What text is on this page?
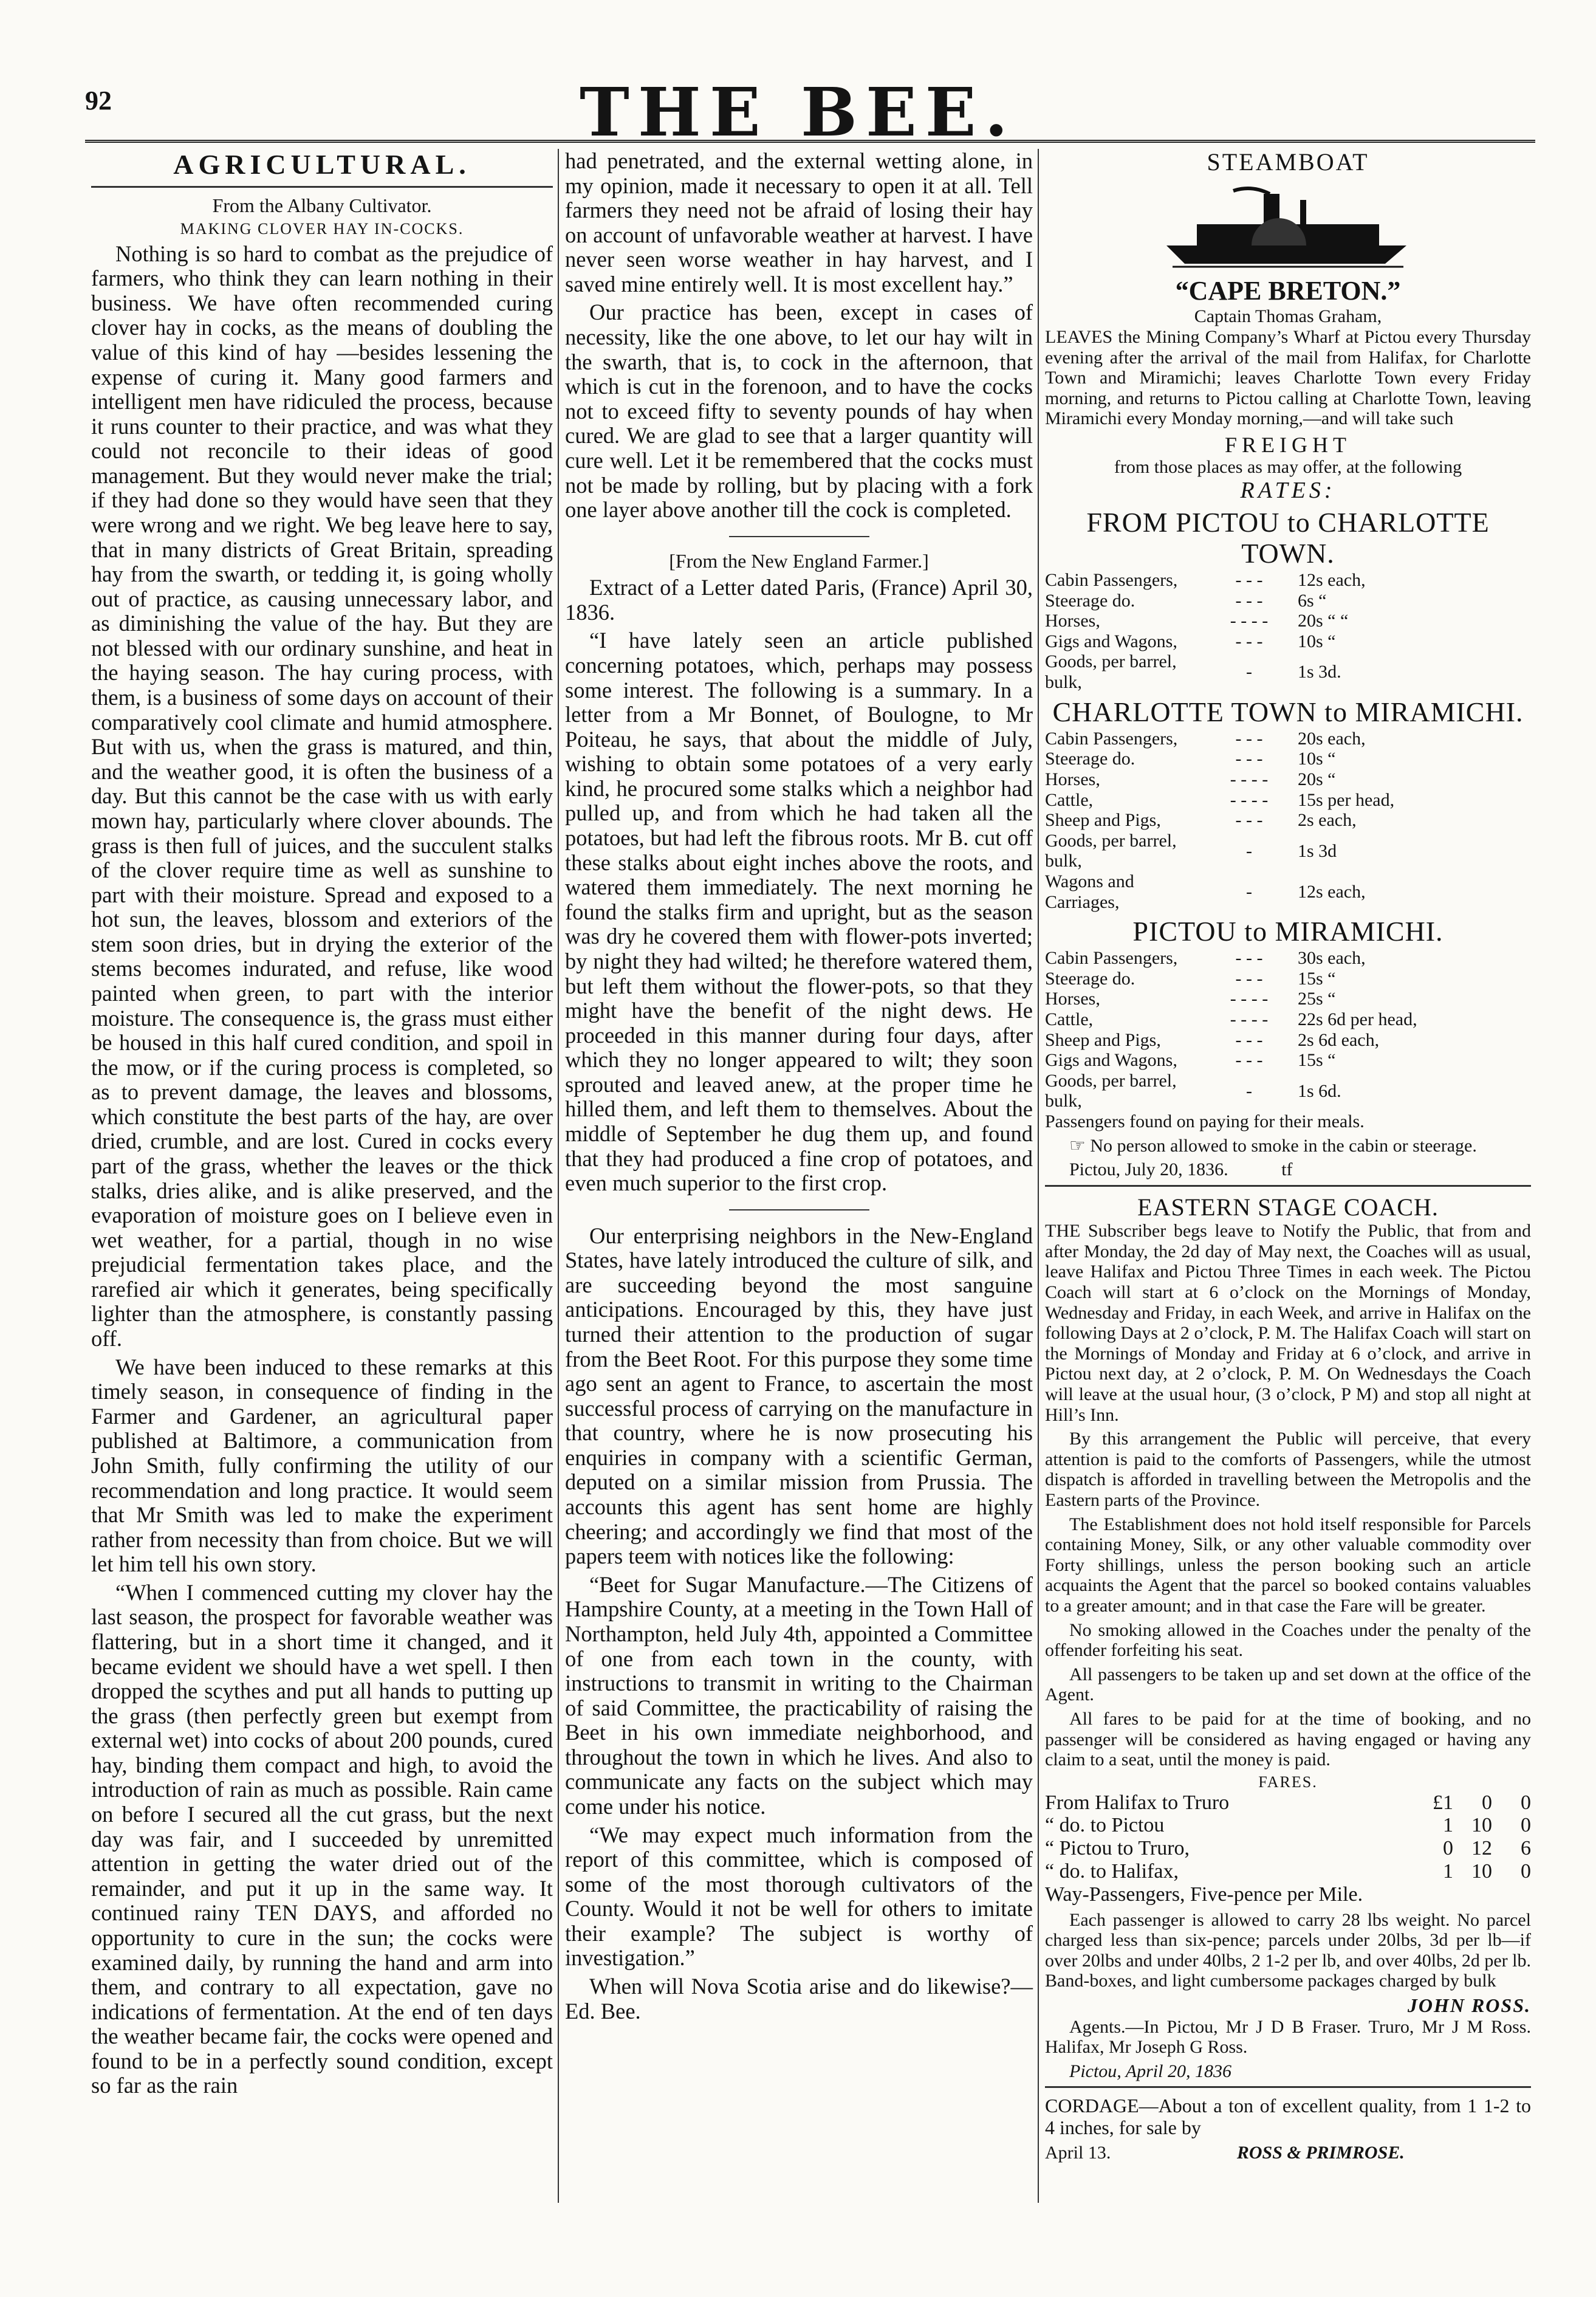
92	THE BEE.
AGRICULTURAL.

From the Albany Cultivator.

MAKING CLOVER HAY IN-COCKS.

Nothing is so hard to combat as the prejudice of farmers, who think they can learn nothing in their business. We have often recommended curing clover hay in cocks, as the means of doubling the value of this kind of hay —besides lessening the expense of curing it. Many good farmers and intelligent men have ridiculed the process, because it runs counter to their practice, and was what they could not reconcile to their ideas of good management. But they would never make the trial; if they had done so they would have seen that they were wrong and we right. We beg leave here to say, that in many districts of Great Britain, spreading hay from the swarth, or tedding it, is going wholly out of practice, as causing unnecessary labor, and as diminishing the value of the hay. But they are not blessed with our ordinary sunshine, and heat in the haying season. The hay curing process, with them, is a business of some days on account of their comparatively cool climate and humid atmosphere. But with us, when the grass is matured, and thin, and the weather good, it is often the business of a day. But this cannot be the case with us with early mown hay, particularly where clover abounds. The grass is then full of juices, and the succulent stalks of the clover require time as well as sunshine to part with their moisture. Spread and exposed to a hot sun, the leaves, blossom and exteriors of the stem soon dries, but in drying the exterior of the stems becomes indurated, and refuse, like wood painted when green, to part with the interior moisture. The consequence is, the grass must either be housed in this half cured condition, and spoil in the mow, or if the curing process is completed, so as to prevent damage, the leaves and blossoms, which constitute the best parts of the hay, are over dried, crumble, and are lost. Cured in cocks every part of the grass, whether the leaves or the thick stalks, dries alike, and is alike preserved, and the evaporation of moisture goes on I believe even in wet weather, for a partial, though in no wise prejudicial fermentation takes place, and the rarefied air which it generates, being specifically lighter than the atmosphere, is constantly passing off.

We have been induced to these remarks at this timely season, in consequence of finding in the Farmer and Gardener, an agricultural paper published at Baltimore, a communication from John Smith, fully confirming the utility of our recommendation and long practice. It would seem that Mr Smith was led to make the experiment rather from necessity than from choice. But we will let him tell his own story.

“When I commenced cutting my clover hay the last season, the prospect for favorable weather was flattering, but in a short time it changed, and it became evident we should have a wet spell. I then dropped the scythes and put all hands to putting up the grass (then perfectly green but exempt from external wet) into cocks of about 200 pounds, cured hay, binding them compact and high, to avoid the introduction of rain as much as possible. Rain came on before I secured all the cut grass, but the next day was fair, and I succeeded by unremitted attention in getting the water dried out of the remainder, and put it up in the same way. It continued rainy TEN DAYS, and afforded no opportunity to cure in the sun; the cocks were examined daily, by running the hand and arm into them, and contrary to all expectation, gave no indications of fermentation. At the end of ten days the weather became fair, the cocks were opened and found to be in a perfectly sound condition, except so far as the rain

had penetrated, and the external wetting alone, in my opinion, made it necessary to open it at all. Tell farmers they need not be afraid of losing their hay on account of unfavorable weather at harvest. I have never seen worse weather in hay harvest, and I saved mine entirely well. It is most excellent hay.”

Our practice has been, except in cases of necessity, like the one above, to let our hay wilt in the swarth, that is, to cock in the afternoon, that which is cut in the forenoon, and to have the cocks not to exceed fifty to seventy pounds of hay when cured. We are glad to see that a larger quantity will cure well. Let it be remembered that the cocks must not be made by rolling, but by placing with a fork one layer above another till the cock is completed.

[From the New England Farmer.]

Extract of a Letter dated Paris, (France) April 30, 1836.

“I have lately seen an article published concerning potatoes, which, perhaps may possess some interest. The following is a summary. In a letter from a Mr Bonnet, of Boulogne, to Mr Poiteau, he says, that about the middle of July, wishing to obtain some potatoes of a very early kind, he procured some stalks which a neighbor had pulled up, and from which he had taken all the potatoes, but had left the fibrous roots. Mr B. cut off these stalks about eight inches above the roots, and watered them immediately. The next morning he found the stalks firm and upright, but as the season was dry he covered them with flower-pots inverted; by night they had wilted; he therefore watered them, but left them without the flower-pots, so that they might have the benefit of the night dews. He proceeded in this manner during four days, after which they no longer appeared to wilt; they soon sprouted and leaved anew, at the proper time he hilled them, and left them to themselves. About the middle of September he dug them up, and found that they had produced a fine crop of potatoes, and even much superior to the first crop.

Our enterprising neighbors in the New-England States, have lately introduced the culture of silk, and are succeeding beyond the most sanguine anticipations. Encouraged by this, they have just turned their attention to the production of sugar from the Beet Root. For this purpose they some time ago sent an agent to France, to ascertain the most successful process of carrying on the manufacture in that country, where he is now prosecuting his enquiries in company with a scientific German, deputed on a similar mission from Prussia. The accounts this agent has sent home are highly cheering; and accordingly we find that most of the papers teem with notices like the following:

“Beet for Sugar Manufacture.—The Citizens of Hampshire County, at a meeting in the Town Hall of Northampton, held July 4th, appointed a Committee of one from each town in the county, with instructions to transmit in writing to the Chairman of said Committee, the practicability of raising the Beet in his own immediate neighborhood, and throughout the town in which he lives. And also to communicate any facts on the subject which may come under his notice.

“We may expect much information from the report of this committee, which is composed of some of the most thorough cultivators of the County. Would it not be well for others to imitate their example? The subject is worthy of investigation.”

When will Nova Scotia arise and do likewise?—Ed. Bee.

STEAMBOAT
“CAPE BRETON.”
Captain Thomas Graham,

LEAVES the Mining Company’s Wharf at Pictou every Thursday evening after the arrival of the mail from Halifax, for Charlotte Town and Miramichi; leaves Charlotte Town every Friday morning, and returns to Pictou calling at Charlotte Town, leaving Miramichi every Monday morning,—and will take such

FREIGHT
from those places as may offer, at the following
RATES:
FROM PICTOU to CHARLOTTE TOWN.
Cabin Passengers,	- - -	12s each,
Steerage do.	- - -	6s “
Horses,	- - - -	20s “ “
Gigs and Wagons,	- - -	10s “
Goods, per barrel, bulk,	-	1s 3d.
CHARLOTTE TOWN to MIRAMICHI.
Cabin Passengers,	- - -	20s each,
Steerage do.	- - -	10s “
Horses,	- - - -	20s “
Cattle,	- - - -	15s per head,
Sheep and Pigs,	- - -	2s each,
Goods, per barrel, bulk,	-	1s 3d
Wagons and Carriages,	-	12s each,
PICTOU to MIRAMICHI.
Cabin Passengers,	- - -	30s each,
Steerage do.	- - -	15s “
Horses,	- - - -	25s “
Cattle,	- - - -	22s 6d per head,
Sheep and Pigs,	- - -	2s 6d each,
Gigs and Wagons,	- - -	15s “
Goods, per barrel, bulk,	-	1s 6d.

Passengers found on paying for their meals.

☞ No person allowed to smoke in the cabin or steerage.

Pictou, July 20, 1836.	tf

EASTERN STAGE COACH.

THE Subscriber begs leave to Notify the Public, that from and after Monday, the 2d day of May next, the Coaches will as usual, leave Halifax and Pictou Three Times in each week. The Pictou Coach will start at 6 o’clock on the Mornings of Monday, Wednesday and Friday, in each Week, and arrive in Halifax on the following Days at 2 o’clock, P. M. The Halifax Coach will start on the Mornings of Monday and Friday at 6 o’clock, and arrive in Pictou next day, at 2 o’clock, P. M. On Wednesdays the Coach will leave at the usual hour, (3 o’clock, P M) and stop all night at Hill’s Inn.

By this arrangement the Public will perceive, that every attention is paid to the comforts of Passengers, while the utmost dispatch is afforded in travelling between the Metropolis and the Eastern parts of the Province.

The Establishment does not hold itself responsible for Parcels containing Money, Silk, or any other valuable commodity over Forty shillings, unless the person booking such an article acquaints the Agent that the parcel so booked contains valuables to a greater amount; and in that case the Fare will be greater.

No smoking allowed in the Coaches under the penalty of the offender forfeiting his seat.

All passengers to be taken up and set down at the office of the Agent.

All fares to be paid for at the time of booking, and no passenger will be considered as having engaged or having any claim to a seat, until the money is paid.

FARES.
From Halifax to Truro	£1	0	0
“ do. to Pictou	1	10	0
“ Pictou to Truro,	0	12	6
“ do. to Halifax,	1	10	0

Way-Passengers, Five-pence per Mile.

Each passenger is allowed to carry 28 lbs weight. No parcel charged less than six-pence; parcels under 20lbs, 3d per lb—if over 20lbs and under 40lbs, 2 1-2 per lb, and over 40lbs, 2d per lb. Band-boxes, and light cumbersome packages charged by bulk

JOHN ROSS.

Agents.—In Pictou, Mr J D B Fraser. Truro, Mr J M Ross. Halifax, Mr Joseph G Ross.

Pictou, April 20, 1836

CORDAGE—About a ton of excellent quality, from 1 1-2 to 4 inches, for sale by

April 13.	ROSS & PRIMROSE.
